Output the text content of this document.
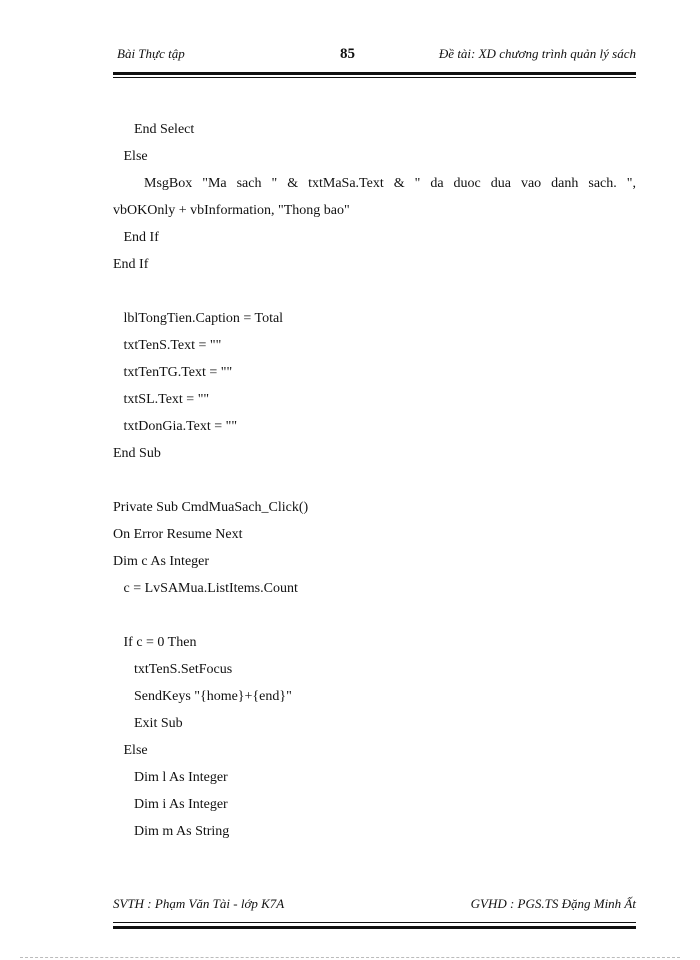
Bài Thực tập	85	Đề tài: XD chương trình quản lý sách
End Select
Else
MsgBox "Ma sach " & txtMaSa.Text & " da duoc dua vao danh sach. ",
vbOKOnly + vbInformation, "Thong bao"
End If
End If
lblTongTien.Caption = Total
txtTenS.Text = ""
txtTenTG.Text = ""
txtSL.Text = ""
txtDonGia.Text = ""
End Sub
Private Sub CmdMuaSach_Click()
On Error Resume Next
Dim c As Integer
c = LvSAMua.ListItems.Count
If c = 0 Then
txtTenS.SetFocus
SendKeys "{home}+{end}"
Exit Sub
Else
Dim l As Integer
Dim i As Integer
Dim m As String
SVTH : Phạm Văn Tài - lớp K7A	GVHD : PGS.TS Đặng Minh Ất
